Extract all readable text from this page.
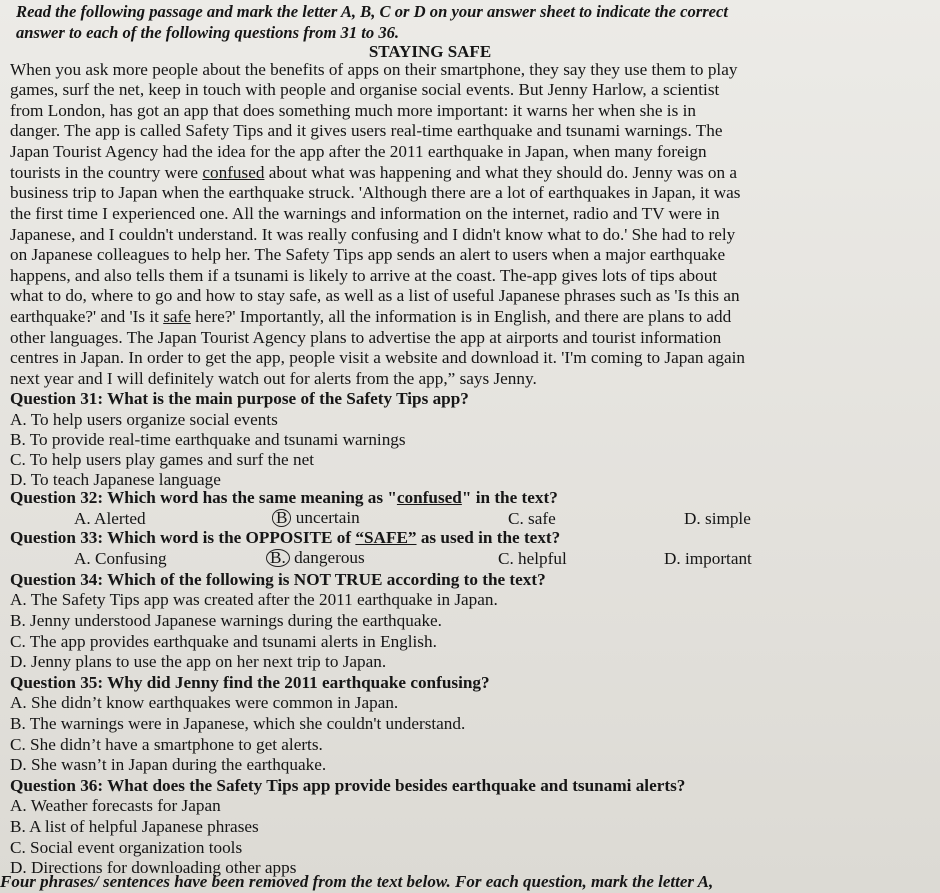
Read the following passage and mark the letter A, B, C or D on your answer sheet to indicate the correct
answer to each of the following questions from 31 to 36.
STAYING SAFE
When you ask more people about the benefits of apps on their smartphone, they say they use them to play
games, surf the net, keep in touch with people and organise social events. But Jenny Harlow, a scientist
from London, has got an app that does something much more important: it warns her when she is in
danger. The app is called Safety Tips and it gives users real-time earthquake and tsunami warnings. The
Japan Tourist Agency had the idea for the app after the 2011 earthquake in Japan, when many foreign
tourists in the country were confused about what was happening and what they should do. Jenny was on a
business trip to Japan when the earthquake struck. 'Although there are a lot of earthquakes in Japan, it was
the first time I experienced one. All the warnings and information on the internet, radio and TV were in
Japanese, and I couldn't understand. It was really confusing and I didn't know what to do.' She had to rely
on Japanese colleagues to help her. The Safety Tips app sends an alert to users when a major earthquake
happens, and also tells them if a tsunami is likely to arrive at the coast. The-app gives lots of tips about
what to do, where to go and how to stay safe, as well as a list of useful Japanese phrases such as 'Is this an
earthquake?' and 'Is it safe here?' Importantly, all the information is in English, and there are plans to add
other languages. The Japan Tourist Agency plans to advertise the app at airports and tourist information
centres in Japan. In order to get the app, people visit a website and download it. 'I'm coming to Japan again
next year and I will definitely watch out for alerts from the app,” says Jenny.
Question 31: What is the main purpose of the Safety Tips app?
A. To help users organize social events
B. To provide real-time earthquake and tsunami warnings
C. To help users play games and surf the net
D. To teach Japanese language
Question 32: Which word has the same meaning as "confused" in the text?
A. Alerted	B uncertain	C. safe	D. simple
Question 33: Which word is the OPPOSITE of “SAFE” as used in the text?
A. Confusing	B. dangerous	C. helpful	D. important
Question 34: Which of the following is NOT TRUE according to the text?
A. The Safety Tips app was created after the 2011 earthquake in Japan.
B. Jenny understood Japanese warnings during the earthquake.
C. The app provides earthquake and tsunami alerts in English.
D. Jenny plans to use the app on her next trip to Japan.
Question 35: Why did Jenny find the 2011 earthquake confusing?
A. She didn’t know earthquakes were common in Japan.
B. The warnings were in Japanese, which she couldn't understand.
C. She didn’t have a smartphone to get alerts.
D. She wasn’t in Japan during the earthquake.
Question 36: What does the Safety Tips app provide besides earthquake and tsunami alerts?
A. Weather forecasts for Japan
B. A list of helpful Japanese phrases
C. Social event organization tools
D. Directions for downloading other apps
Four phrases/ sentences have been removed from the text below. For each question, mark the letter A,
